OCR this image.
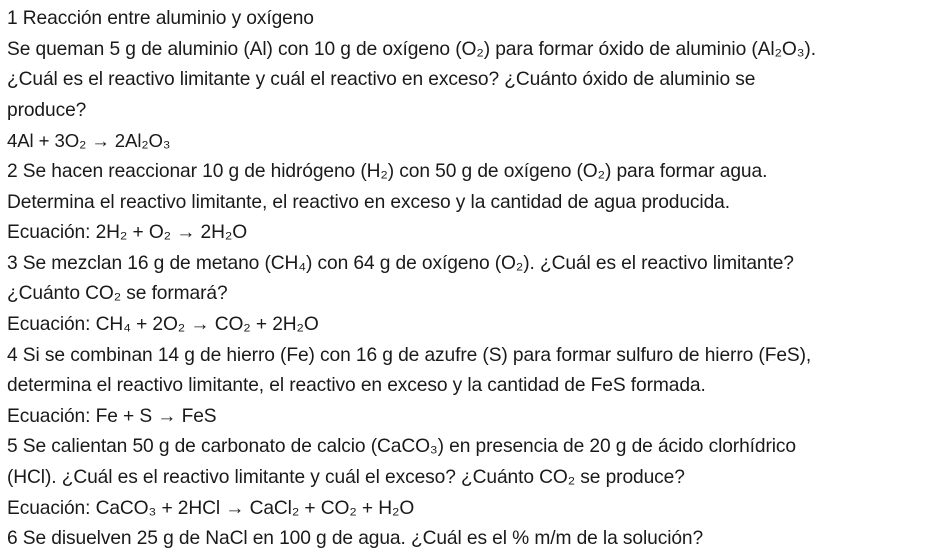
1 Reacción entre aluminio y oxígeno
Se queman 5 g de aluminio (Al) con 10 g de oxígeno (O₂) para formar óxido de aluminio (Al₂O₃).
¿Cuál es el reactivo limitante y cuál el reactivo en exceso? ¿Cuánto óxido de aluminio se
produce?
4Al + 3O₂ → 2Al₂O₃
2 Se hacen reaccionar 10 g de hidrógeno (H₂) con 50 g de oxígeno (O₂) para formar agua.
Determina el reactivo limitante, el reactivo en exceso y la cantidad de agua producida.
Ecuación: 2H₂ + O₂ → 2H₂O
3 Se mezclan 16 g de metano (CH₄) con 64 g de oxígeno (O₂). ¿Cuál es el reactivo limitante?
¿Cuánto CO₂ se formará?
Ecuación: CH₄ + 2O₂ → CO₂ + 2H₂O
4 Si se combinan 14 g de hierro (Fe) con 16 g de azufre (S) para formar sulfuro de hierro (FeS),
determina el reactivo limitante, el reactivo en exceso y la cantidad de FeS formada.
Ecuación: Fe + S → FeS
5 Se calientan 50 g de carbonato de calcio (CaCO₃) en presencia de 20 g de ácido clorhídrico
(HCl). ¿Cuál es el reactivo limitante y cuál el exceso? ¿Cuánto CO₂ se produce?
Ecuación: CaCO₃ + 2HCl → CaCl₂ + CO₂ + H₂O
6 Se disuelven 25 g de NaCl en 100 g de agua. ¿Cuál es el % m/m de la solución?
